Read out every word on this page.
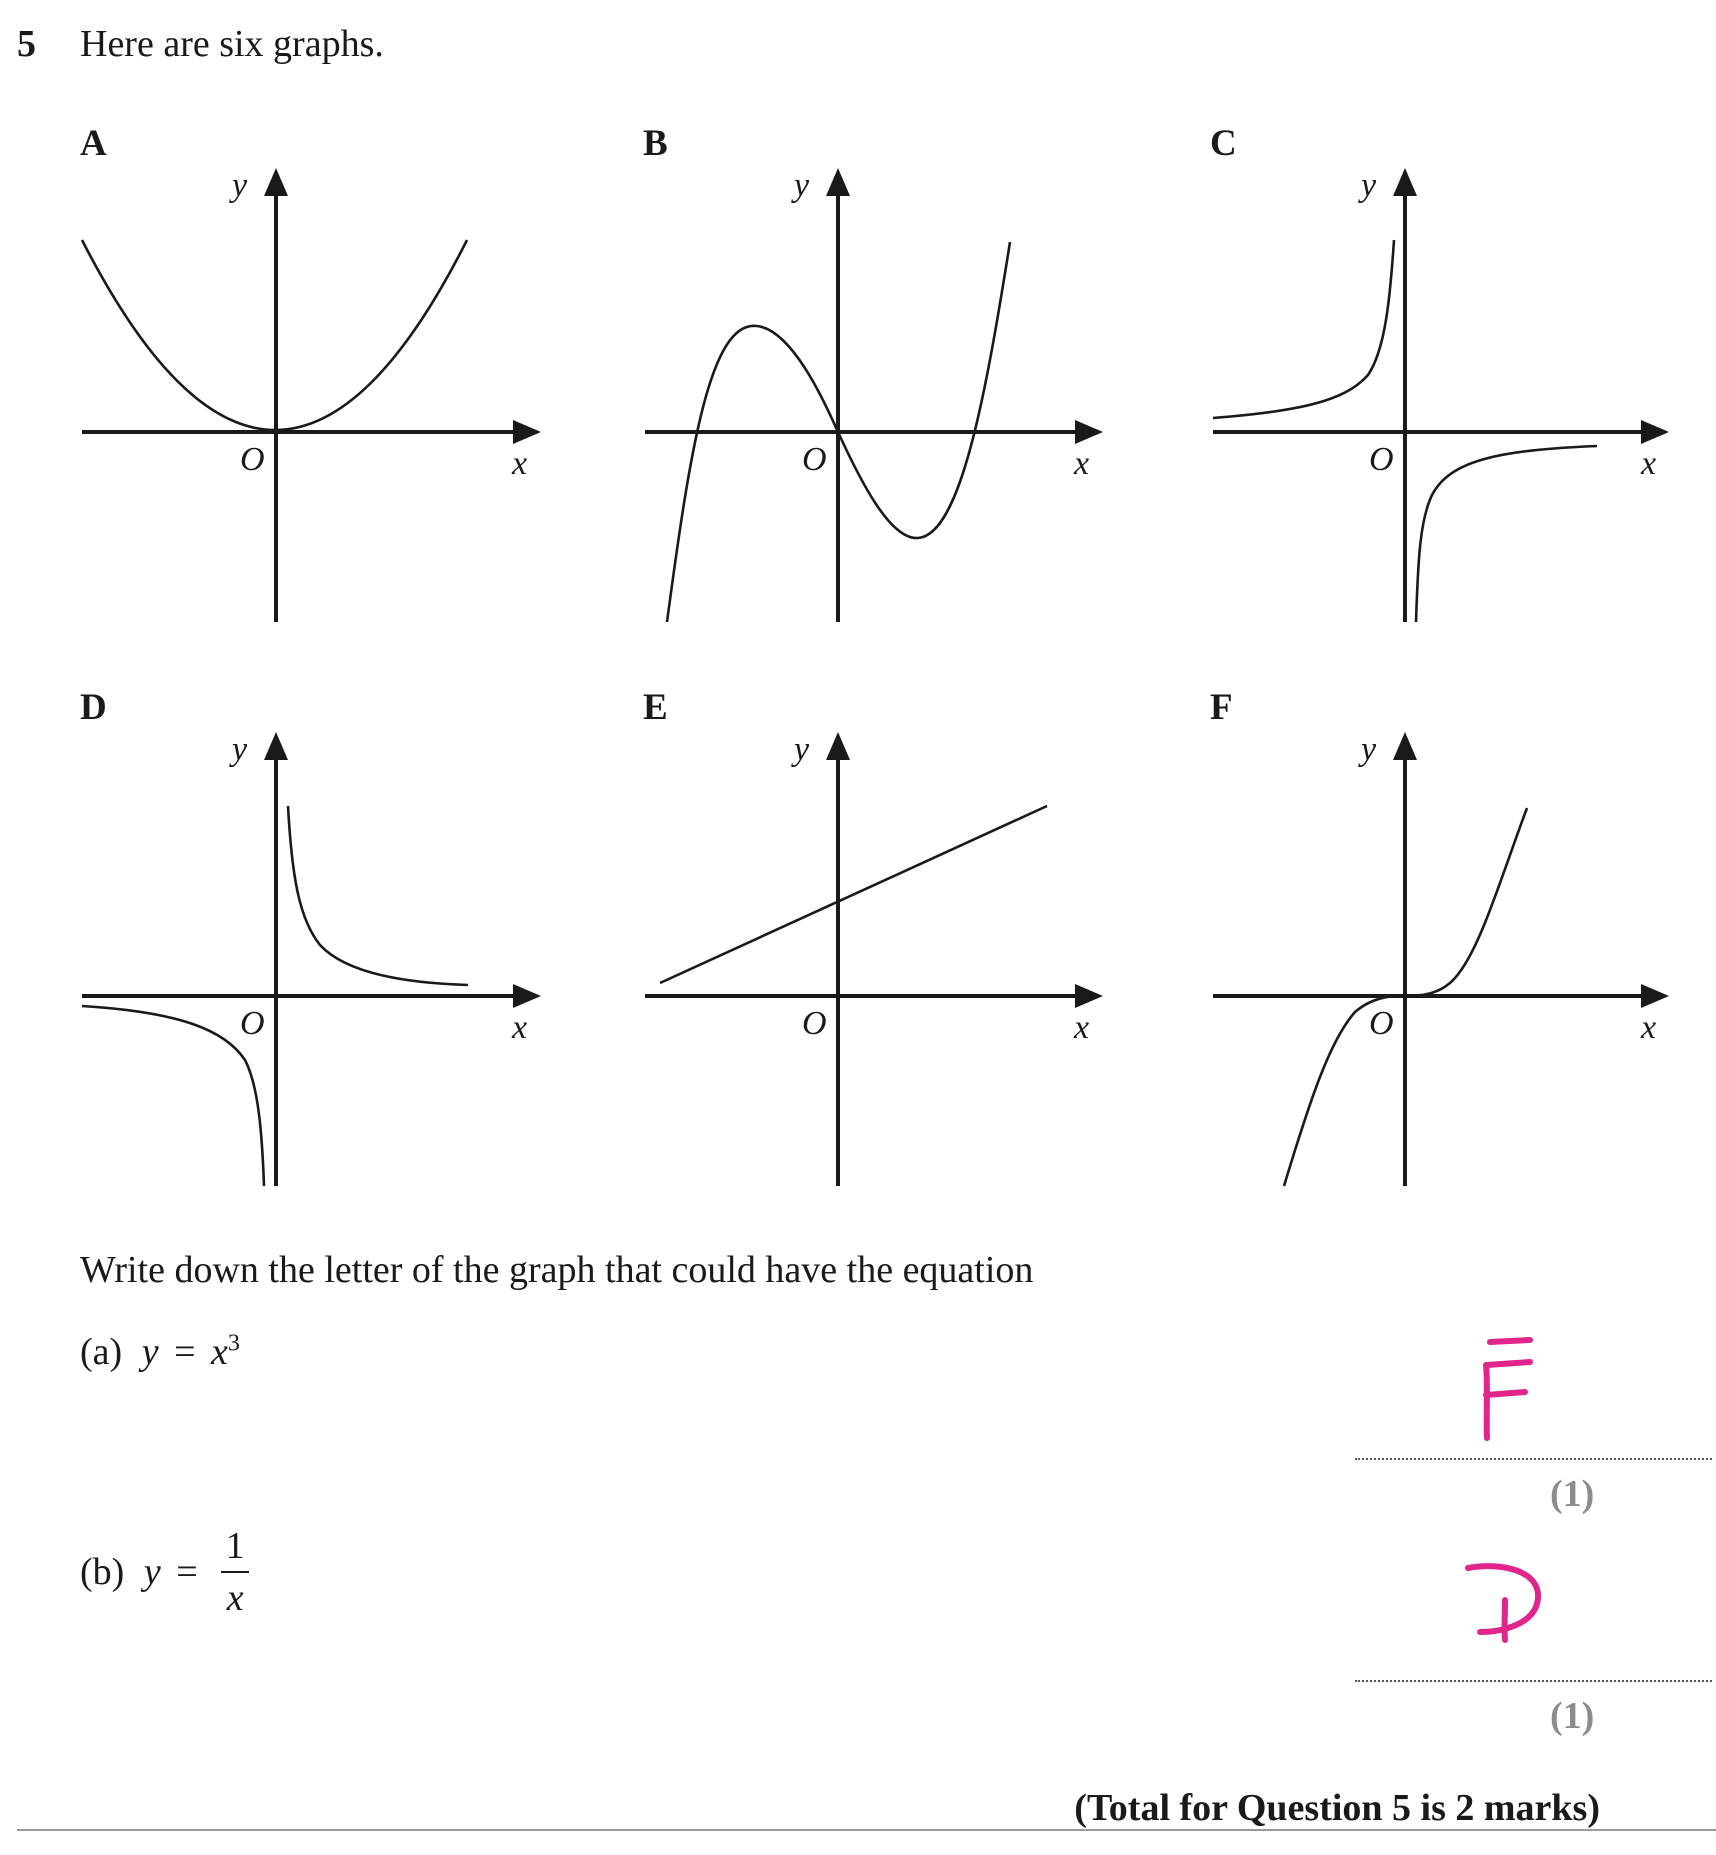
5 Here are six graphs.
A	B	C
D	E	F
y
O	x
y
O	x
y
O	x
y
O	x
y
O	x
y
O	x
Write down the letter of the graph that could have the equation
(a) $y = x^3$
(1)
(b) $y = \frac{1}{x}$
(1)
(Total for Question 5 is 2 marks)
